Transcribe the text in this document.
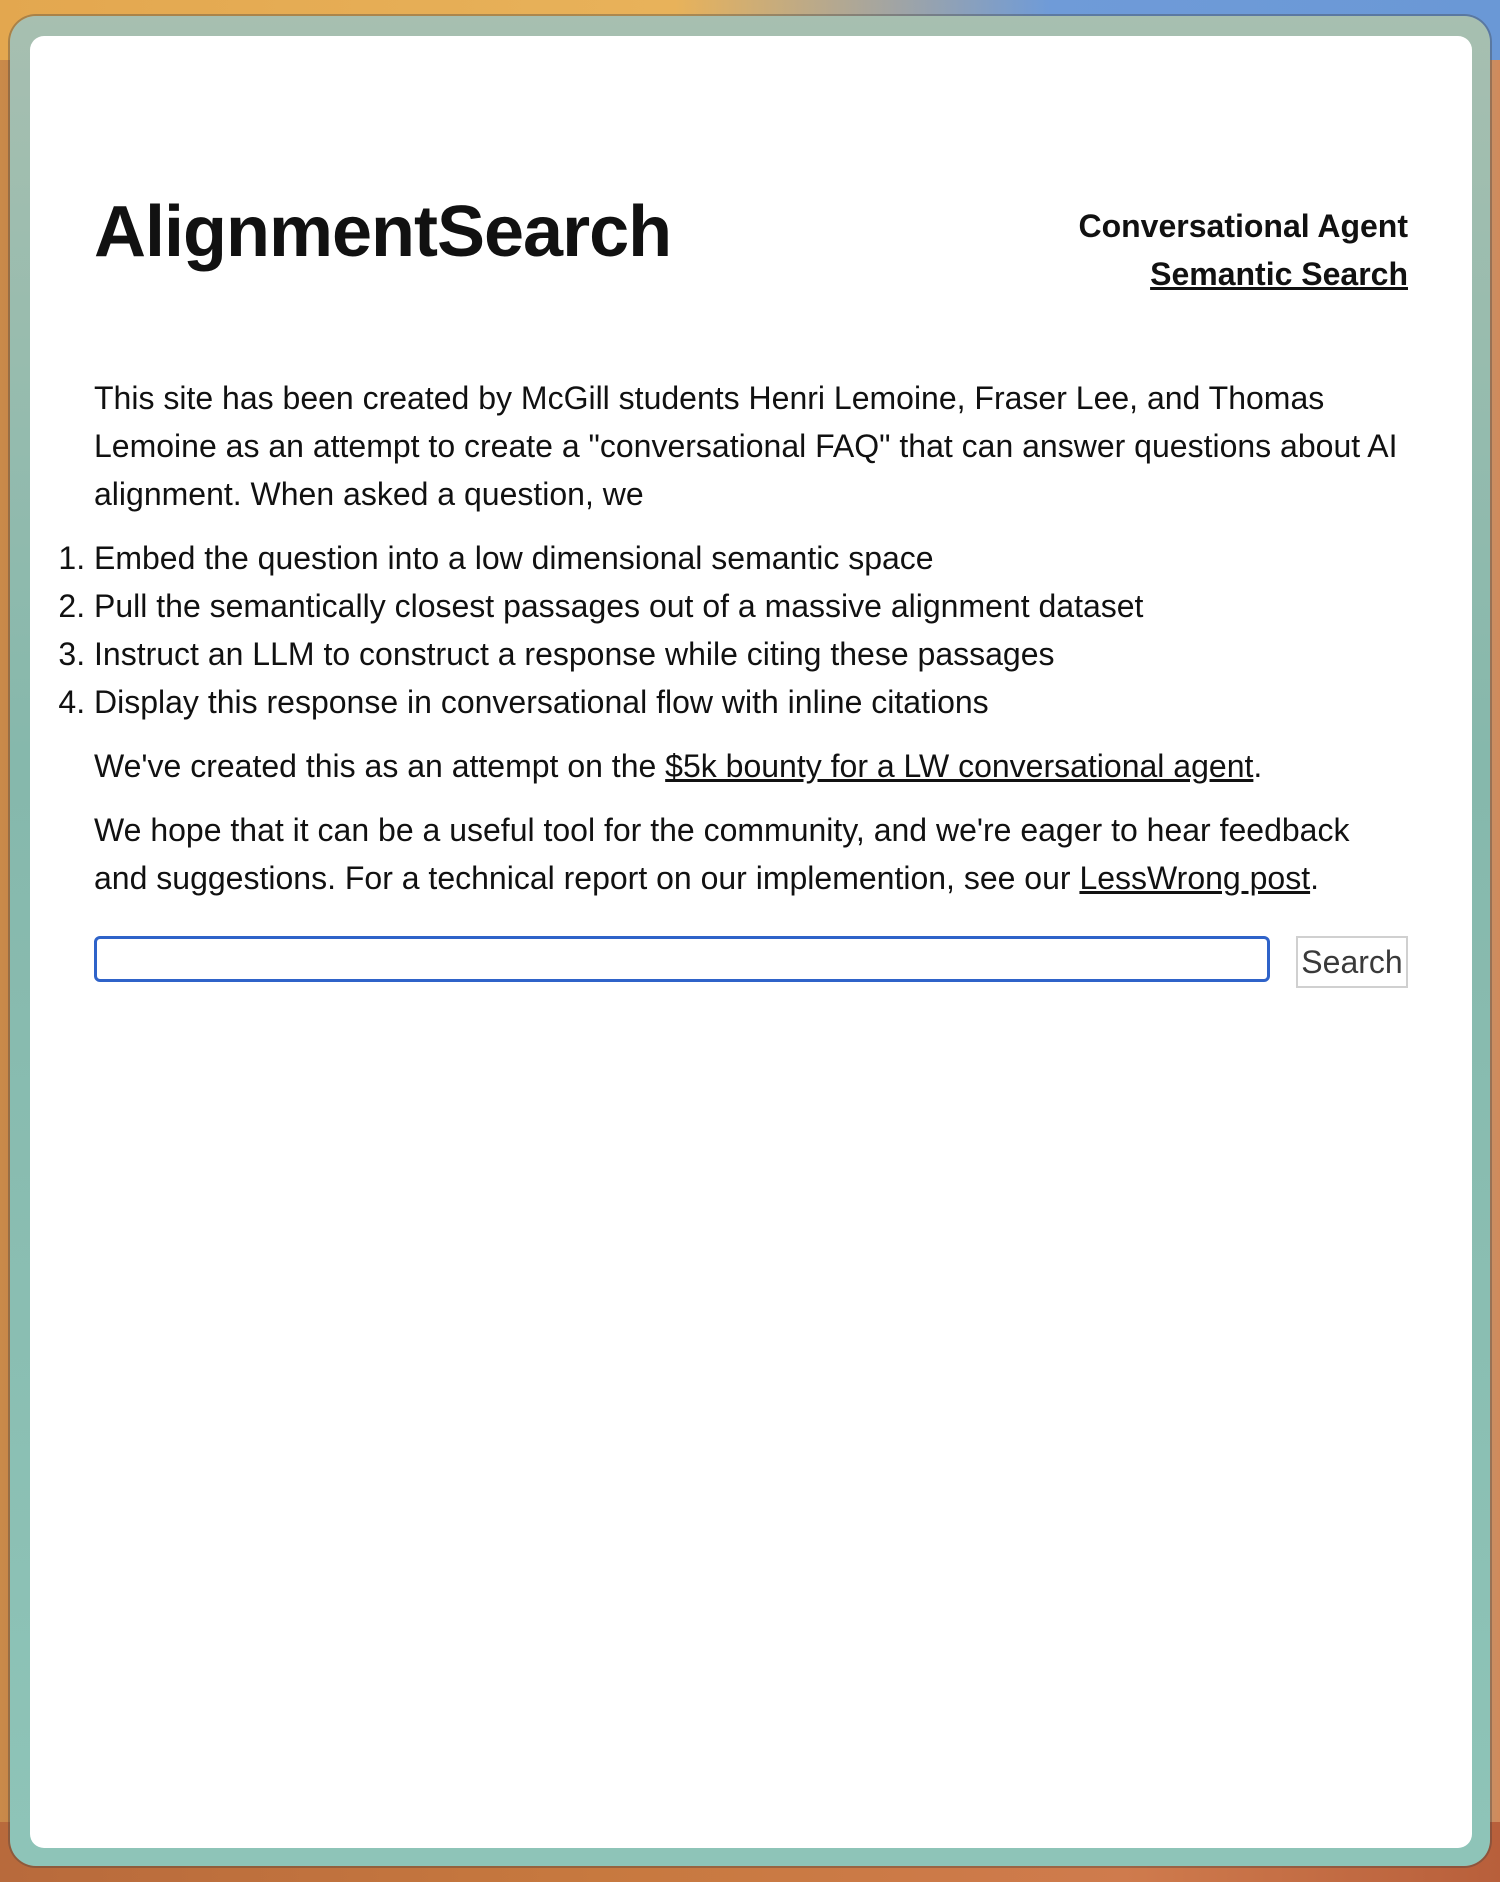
AlignmentSearch	Conversational Agent
Semantic Search

This site has been created by McGill students Henri Lemoine, Fraser Lee, and Thomas Lemoine as an attempt to create a "conversational FAQ" that can answer questions about AI alignment. When asked a question, we

1. Embed the question into a low dimensional semantic space
2. Pull the semantically closest passages out of a massive alignment dataset
3. Instruct an LLM to construct a response while citing these passages
4. Display this response in conversational flow with inline citations

We've created this as an attempt on the $5k bounty for a LW conversational agent.

We hope that it can be a useful tool for the community, and we're eager to hear feedback and suggestions. For a technical report on our implemention, see our LessWrong post.

Search
